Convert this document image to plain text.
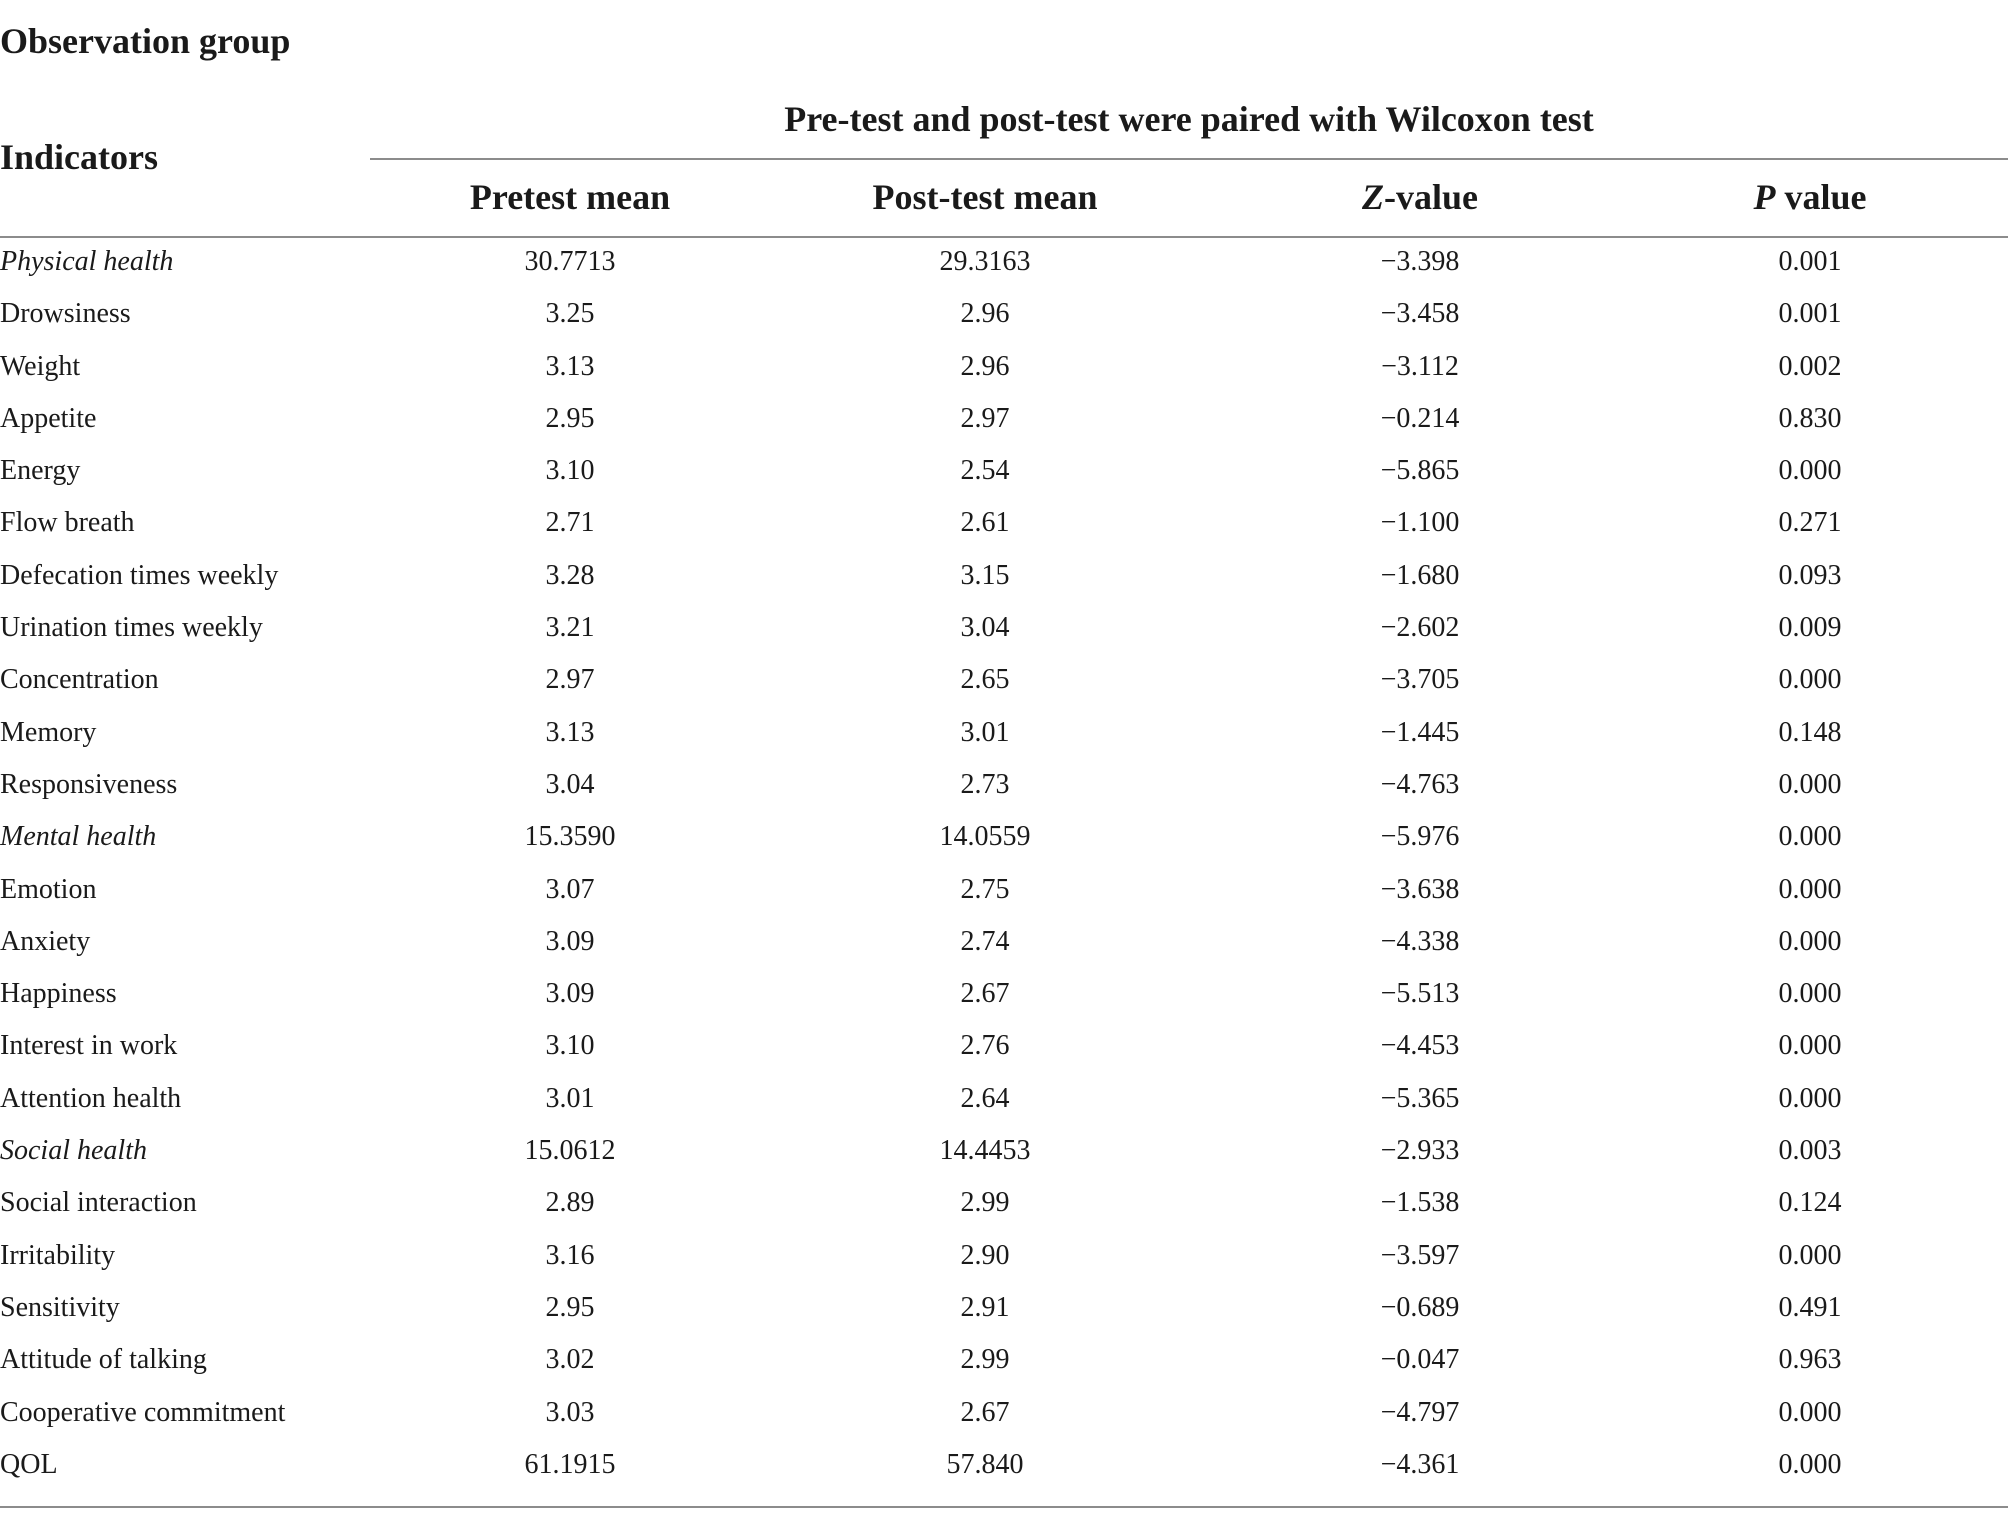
Observation group
Indicators
Pre-test and post-test were paired with Wilcoxon test
Pretest mean	Post-test mean	Z-value	P value
Physical health	30.7713	29.3163	−3.398	0.001
Drowsiness	3.25	2.96	−3.458	0.001
Weight	3.13	2.96	−3.112	0.002
Appetite	2.95	2.97	−0.214	0.830
Energy	3.10	2.54	−5.865	0.000
Flow breath	2.71	2.61	−1.100	0.271
Defecation times weekly	3.28	3.15	−1.680	0.093
Urination times weekly	3.21	3.04	−2.602	0.009
Concentration	2.97	2.65	−3.705	0.000
Memory	3.13	3.01	−1.445	0.148
Responsiveness	3.04	2.73	−4.763	0.000
Mental health	15.3590	14.0559	−5.976	0.000
Emotion	3.07	2.75	−3.638	0.000
Anxiety	3.09	2.74	−4.338	0.000
Happiness	3.09	2.67	−5.513	0.000
Interest in work	3.10	2.76	−4.453	0.000
Attention health	3.01	2.64	−5.365	0.000
Social health	15.0612	14.4453	−2.933	0.003
Social interaction	2.89	2.99	−1.538	0.124
Irritability	3.16	2.90	−3.597	0.000
Sensitivity	2.95	2.91	−0.689	0.491
Attitude of talking	3.02	2.99	−0.047	0.963
Cooperative commitment	3.03	2.67	−4.797	0.000
QOL	61.1915	57.840	−4.361	0.000
